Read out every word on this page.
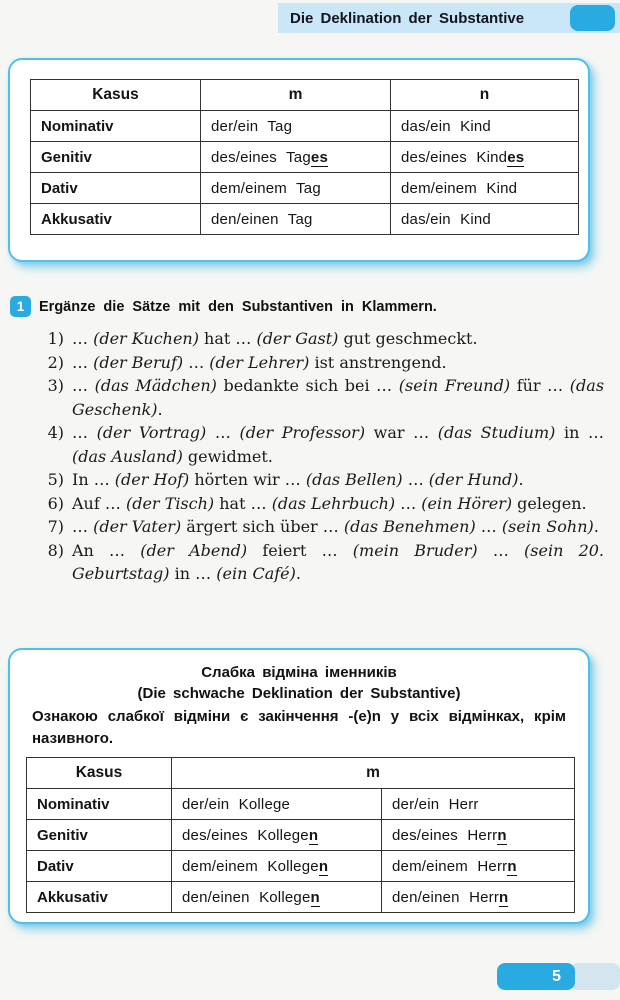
Die Deklination der Substantive
Kasus	m	n
Nominativ	der/ein Tag	das/ein Kind
Genitiv	des/eines Tages	des/eines Kindes
Dativ	dem/einem Tag	dem/einem Kind
Akkusativ	den/einen Tag	das/ein Kind
1	Ergänze die Sätze mit den Substantiven in Klammern.
1) … (der Kuchen) hat … (der Gast) gut geschmeckt.
2) … (der Beruf) … (der Lehrer) ist anstrengend.
3) … (das Mädchen) bedankte sich bei … (sein Freund) für … (das Geschenk).
4) … (der Vortrag) … (der Professor) war … (das Studium) in … (das Ausland) gewidmet.
5) In … (der Hof) hörten wir … (das Bellen) … (der Hund).
6) Auf … (der Tisch) hat … (das Lehrbuch) … (ein Hörer) gelegen.
7) … (der Vater) ärgert sich über … (das Benehmen) … (sein Sohn).
8) An … (der Abend) feiert … (mein Bruder) … (sein 20. Geburtstag) in … (ein Café).
Слабка відміна іменників
(Die schwache Deklination der Substantive)
Ознакою слабкої відміни є закінчення -(e)n у всіх відмінках, крім називного.
Kasus	m	
Nominativ	der/ein Kollege	der/ein Herr
Genitiv	des/eines Kollegen	des/eines Herrn
Dativ	dem/einem Kollegen	dem/einem Herrn
Akkusativ	den/einen Kollegen	den/einen Herrn
5
